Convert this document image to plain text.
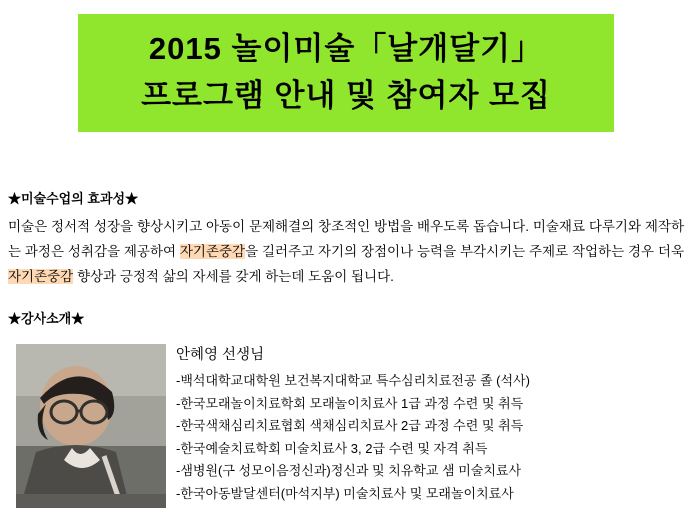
2015 놀이미술「날개달기」
프로그램 안내 및 참여자 모집
★미술수업의 효과성★
미술은 정서적 성장을 향상시키고 아동이 문제해결의 창조적인 방법을 배우도록 돕습니다. 미술재료 다루기와 제작하는 과정은 성취감을 제공하여 자기존중감을 길러주고 자기의 장점이나 능력을 부각시키는 주제로 작업하는 경우 더욱 자기존중감 향상과 긍정적 삶의 자세를 갖게 하는데 도움이 됩니다.
★강사소개★
안혜영 선생님
-백석대학교대학원 보건복지대학교 특수심리치료전공 졸 (석사)
-한국모래놀이치료학회 모래놀이치료사 1급 과정 수련 및 취득
-한국색채심리치료협회 색채심리치료사 2급 과정 수련 및 취득
-한국예술치료학회 미술치료사 3, 2급 수련 및 자격 취득
-샘병원(구 성모이음정신과)정신과 및 치유학교 샘 미술치료사
-한국아동발달센터(마석지부) 미술치료사 및 모래놀이치료사
